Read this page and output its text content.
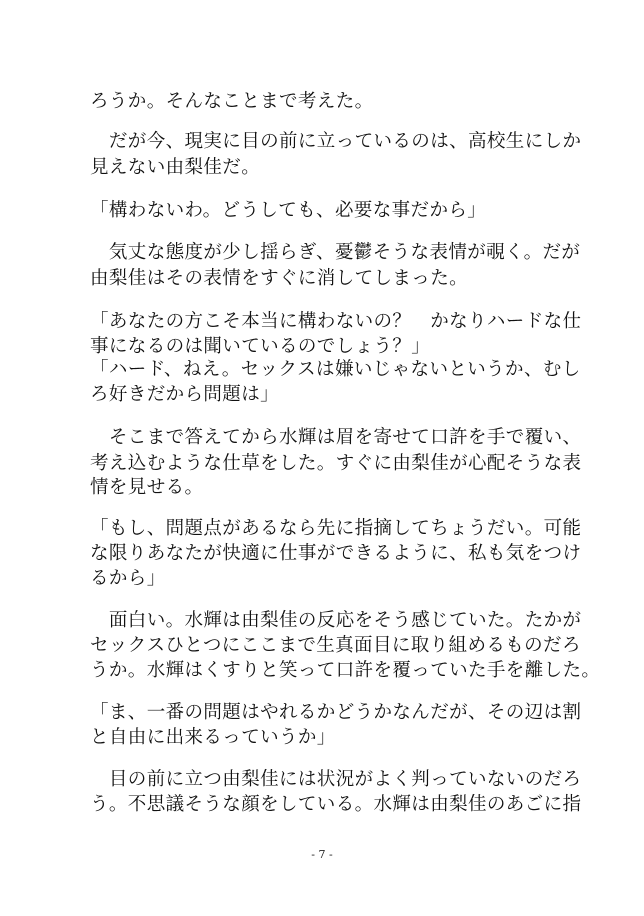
ろうか。そんなことまで考えた。
　だが今、現実に目の前に立っているのは、高校生にしか
見えない由梨佳だ。
「構わないわ。どうしても、必要な事だから」
　気丈な態度が少し揺らぎ、憂鬱そうな表情が覗く。だが
由梨佳はその表情をすぐに消してしまった。
「あなたの方こそ本当に構わないの？　かなりハードな仕
事になるのは聞いているのでしょう？」
「ハード、ねえ。セックスは嫌いじゃないというか、むし
ろ好きだから問題は」
　そこまで答えてから水輝は眉を寄せて口許を手で覆い、
考え込むような仕草をした。すぐに由梨佳が心配そうな表
情を見せる。
「もし、問題点があるなら先に指摘してちょうだい。可能
な限りあなたが快適に仕事ができるように、私も気をつけ
るから」
　面白い。水輝は由梨佳の反応をそう感じていた。たかが
セックスひとつにここまで生真面目に取り組めるものだろ
うか。水輝はくすりと笑って口許を覆っていた手を離した。
「ま、一番の問題はやれるかどうかなんだが、その辺は割
と自由に出来るっていうか」
　目の前に立つ由梨佳には状況がよく判っていないのだろ
う。不思議そうな顔をしている。水輝は由梨佳のあごに指
- 7 -
